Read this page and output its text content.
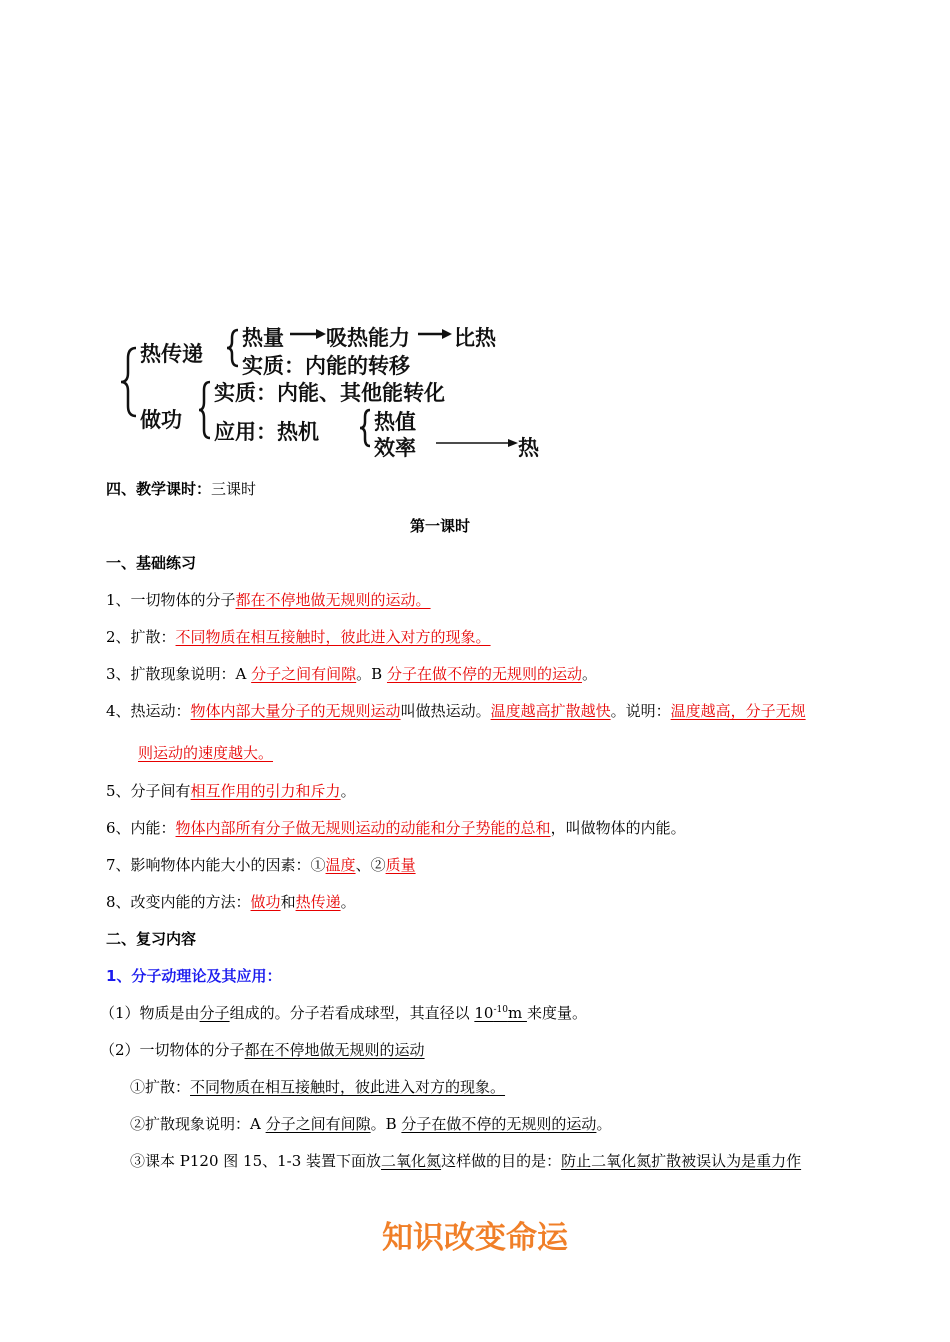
热传递
热量 吸热能力 比热
实质：内能的转移
做功
实质：内能、其他能转化
应用：热机	热值
效率	热
四、教学课时：三课时
第一课时
一、基础练习
1、一切物体的分子都在不停地做无规则的运动。
2、扩散：不同物质在相互接触时，彼此进入对方的现象。
3、扩散现象说明：A 分子之间有间隙。B 分子在做不停的无规则的运动。
4、热运动：物体内部大量分子的无规则运动叫做热运动。温度越高扩散越快。说明：温度越高，分子无规
则运动的速度越大。
5、分子间有相互作用的引力和斥力。
6、内能：物体内部所有分子做无规则运动的动能和分子势能的总和，叫做物体的内能。
7、影响物体内能大小的因素：①温度、②质量
8、改变内能的方法：做功和热传递。
二、复习内容
1、分子动理论及其应用：
（1）物质是由分子组成的。分子若看成球型，其直径以 $10^{-10}m$ 来度量。
（2）一切物体的分子都在不停地做无规则的运动
①扩散：不同物质在相互接触时，彼此进入对方的现象。
②扩散现象说明：A 分子之间有间隙。B 分子在做不停的无规则的运动。
③课本 P120 图 15、1-3 装置下面放二氧化氮这样做的目的是：防止二氧化氮扩散被误认为是重力作
知识改变命运
